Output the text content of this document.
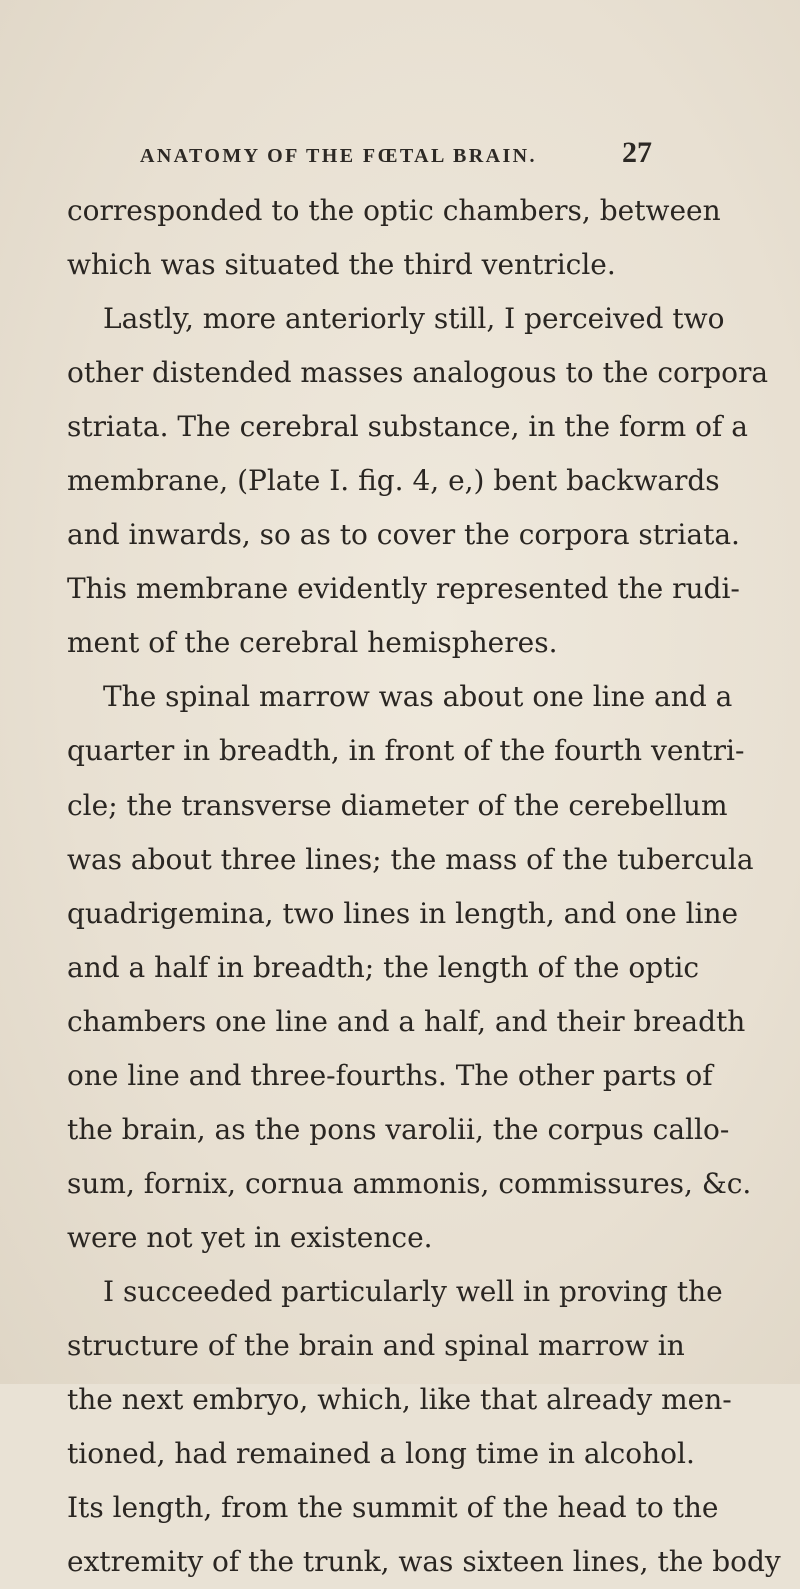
ANATOMY OF THE FŒTAL BRAIN.	27
corresponded to the optic chambers, between
which was situated the third ventricle.
Lastly, more anteriorly still, I perceived two
other distended masses analogous to the corpora
striata. The cerebral substance, in the form of a
membrane, (Plate I. fig. 4, e,) bent backwards
and inwards, so as to cover the corpora striata.
This membrane evidently represented the rudi-
ment of the cerebral hemispheres.
The spinal marrow was about one line and a
quarter in breadth, in front of the fourth ventri-
cle; the transverse diameter of the cerebellum
was about three lines; the mass of the tubercula
quadrigemina, two lines in length, and one line
and a half in breadth; the length of the optic
chambers one line and a half, and their breadth
one line and three-fourths. The other parts of
the brain, as the pons varolii, the corpus callo-
sum, fornix, cornua ammonis, commissures, &c.
were not yet in existence.
I succeeded particularly well in proving the
structure of the brain and spinal marrow in
the next embryo, which, like that already men-
tioned, had remained a long time in alcohol.
Its length, from the summit of the head to the
extremity of the trunk, was sixteen lines, the body
